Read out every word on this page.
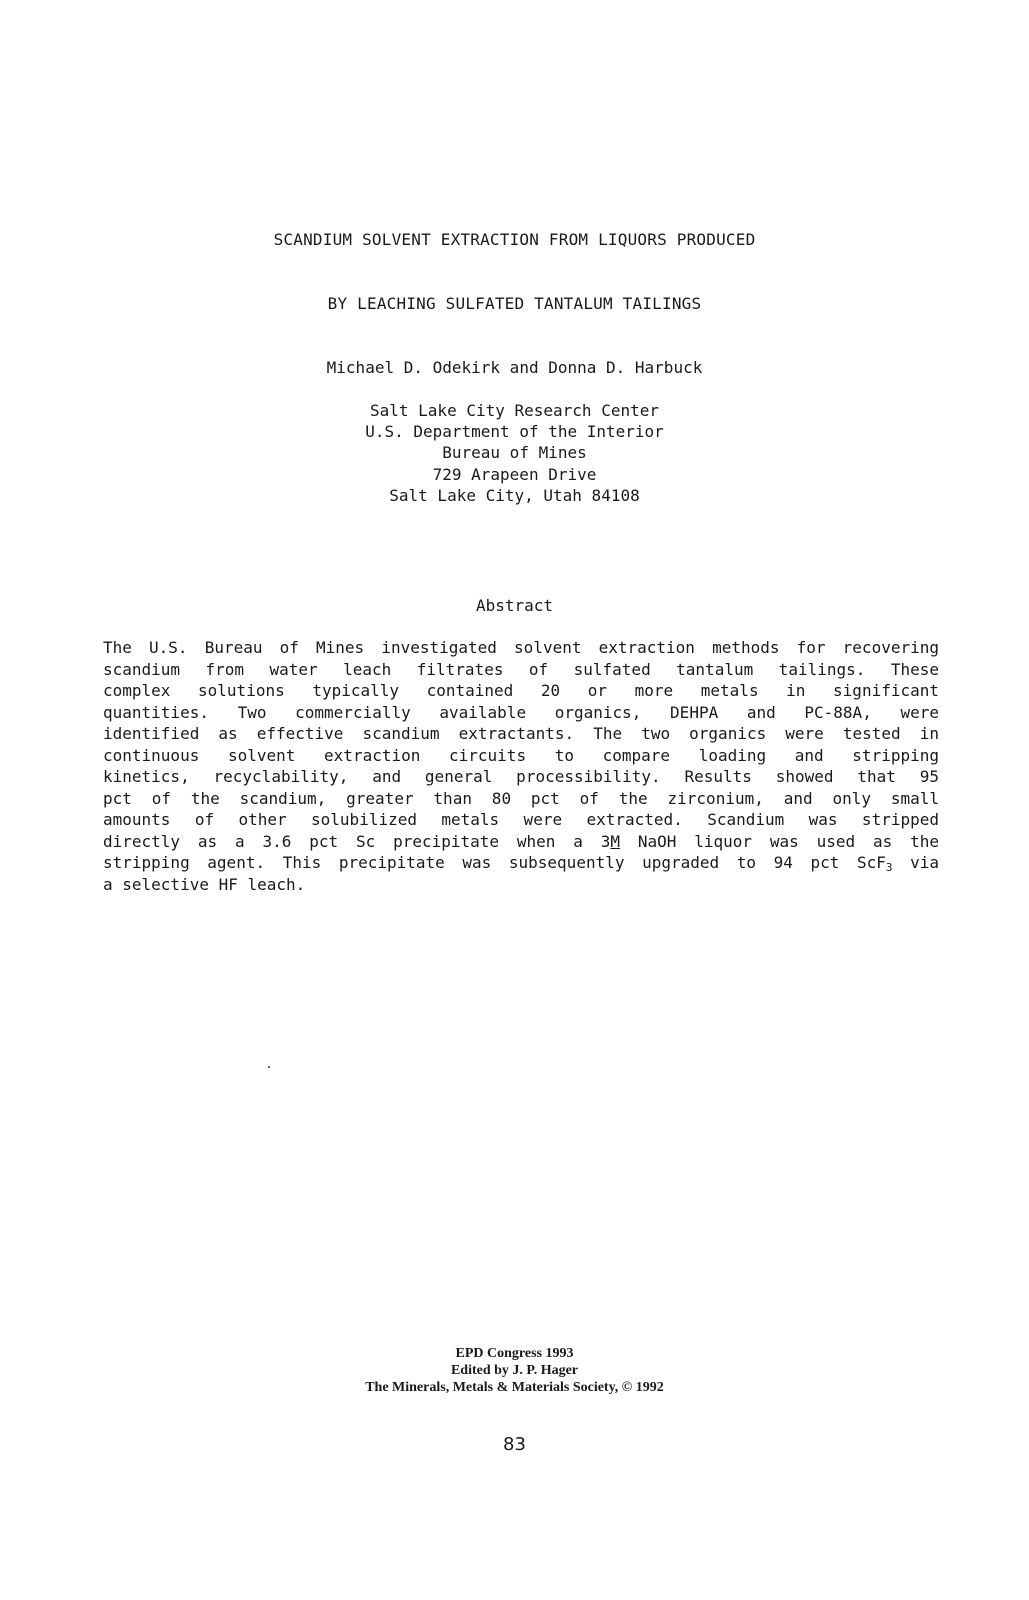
SCANDIUM SOLVENT EXTRACTION FROM LIQUORS PRODUCED
BY LEACHING SULFATED TANTALUM TAILINGS
Michael D. Odekirk and Donna D. Harbuck
Salt Lake City Research Center
U.S. Department of the Interior
Bureau of Mines
729 Arapeen Drive
Salt Lake City, Utah 84108
Abstract
The U.S. Bureau of Mines investigated solvent extraction methods for recovering
scandium from water leach filtrates of sulfated tantalum tailings. These
complex solutions typically contained 20 or more metals in significant
quantities. Two commercially available organics, DEHPA and PC-88A, were
identified as effective scandium extractants. The two organics were tested in
continuous solvent extraction circuits to compare loading and stripping
kinetics, recyclability, and general processibility. Results showed that 95
pct of the scandium, greater than 80 pct of the zirconium, and only small
amounts of other solubilized metals were extracted. Scandium was stripped
directly as a 3.6 pct Sc precipitate when a 3M NaOH liquor was used as the
stripping agent. This precipitate was subsequently upgraded to 94 pct ScF$_3$ via
a selective HF leach.
EPD Congress 1993
Edited by J. P. Hager
The Minerals, Metals & Materials Society, © 1992
83
